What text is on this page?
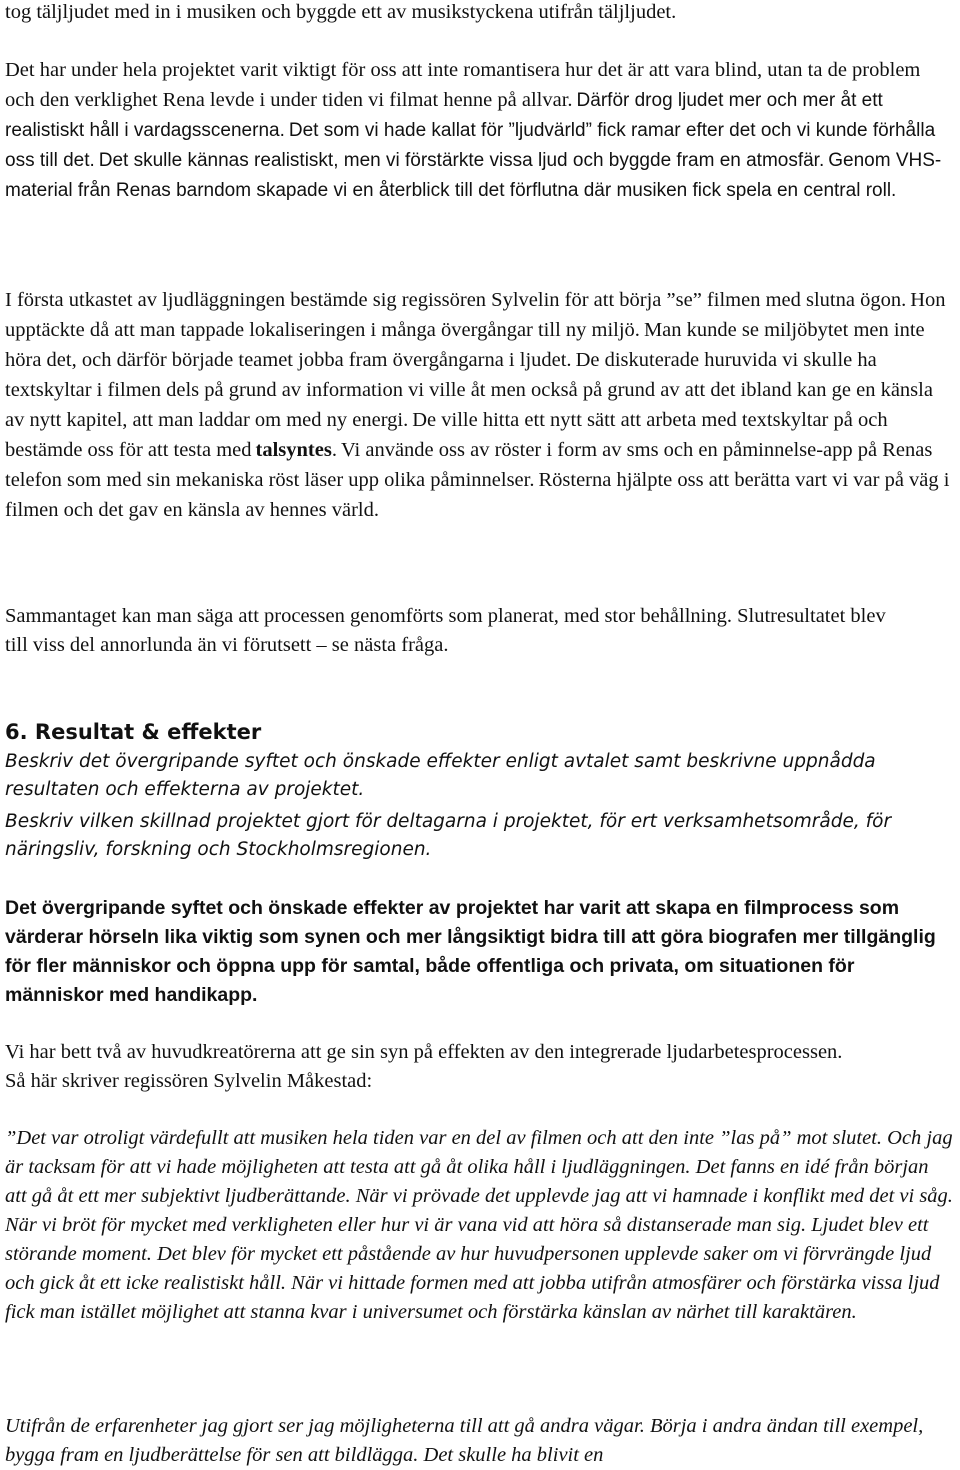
tog täljljudet med in i musiken och byggde ett av musikstyckena utifrån täljljudet.

Det har under hela projektet varit viktigt för oss att inte romantisera hur det är att vara blind, utan ta de problem och den verklighet Rena levde i under tiden vi filmat henne på allvar. Därför drog ljudet mer och mer åt ett realistiskt håll i vardagsscenerna. Det som vi hade kallat för ”ljudvärld” fick ramar efter det och vi kunde förhålla oss till det. Det skulle kännas realistiskt, men vi förstärkte vissa ljud och byggde fram en atmosfär. Genom VHS- material från Renas barndom skapade vi en återblick till det förflutna där musiken fick spela en central roll.

I första utkastet av ljudläggningen bestämde sig regissören Sylvelin för att börja ”se” filmen med slutna ögon. Hon upptäckte då att man tappade lokaliseringen i många övergångar till ny miljö. Man kunde se miljöbytet men inte höra det, och därför började teamet jobba fram övergångarna i ljudet. De diskuterade huruvida vi skulle ha textskyltar i filmen dels på grund av information vi ville åt men också på grund av att det ibland kan ge en känsla av nytt kapitel, att man laddar om med ny energi. De ville hitta ett nytt sätt att arbeta med textskyltar på och bestämde oss för att testa med talsyntes. Vi använde oss av röster i form av sms och en påminnelse-app på Renas telefon som med sin mekaniska röst läser upp olika påminnelser. Rösterna hjälpte oss att berätta vart vi var på väg i filmen och det gav en känsla av hennes värld.

Sammantaget kan man säga att processen genomförts som planerat, med stor behållning. Slutresultatet blev till viss del annorlunda än vi förutsett – se nästa fråga.

6. Resultat & effekter

Beskriv det övergripande syftet och önskade effekter enligt avtalet samt beskrivne uppnådda resultaten och effekterna av projektet.

Beskriv vilken skillnad projektet gjort för deltagarna i projektet, för ert verksamhetsområde, för näringsliv, forskning och Stockholmsregionen.

Det övergripande syftet och önskade effekter av projektet har varit att skapa en filmprocess som värderar hörseln lika viktig som synen och mer långsiktigt bidra till att göra biografen mer tillgänglig för fler människor och öppna upp för samtal, både offentliga och privata, om situationen för människor med handikapp.

Vi har bett två av huvudkreatörerna att ge sin syn på effekten av den integrerade ljudarbetesprocessen. Så här skriver regissören Sylvelin Måkestad:

”Det var otroligt värdefullt att musiken hela tiden var en del av filmen och att den inte ”las på” mot slutet. Och jag är tacksam för att vi hade möjligheten att testa att gå åt olika håll i ljudläggningen. Det fanns en idé från början att gå åt ett mer subjektivt ljudberättande. När vi prövade det upplevde jag att vi hamnade i konflikt med det vi såg. När vi bröt för mycket med verkligheten eller hur vi är vana vid att höra så distanserade man sig. Ljudet blev ett störande moment. Det blev för mycket ett påstående av hur huvudpersonen upplevde saker om vi förvrängde ljud och gick åt ett icke realistiskt håll. När vi hittade formen med att jobba utifrån atmosfärer och förstärka vissa ljud fick man istället möjlighet att stanna kvar i universumet och förstärka känslan av närhet till karaktären.

Utifrån de erfarenheter jag gjort ser jag möjligheterna till att gå andra vägar. Börja i andra ändan till exempel, bygga fram en ljudberättelse för sen att bildlägga. Det skulle ha blivit en
